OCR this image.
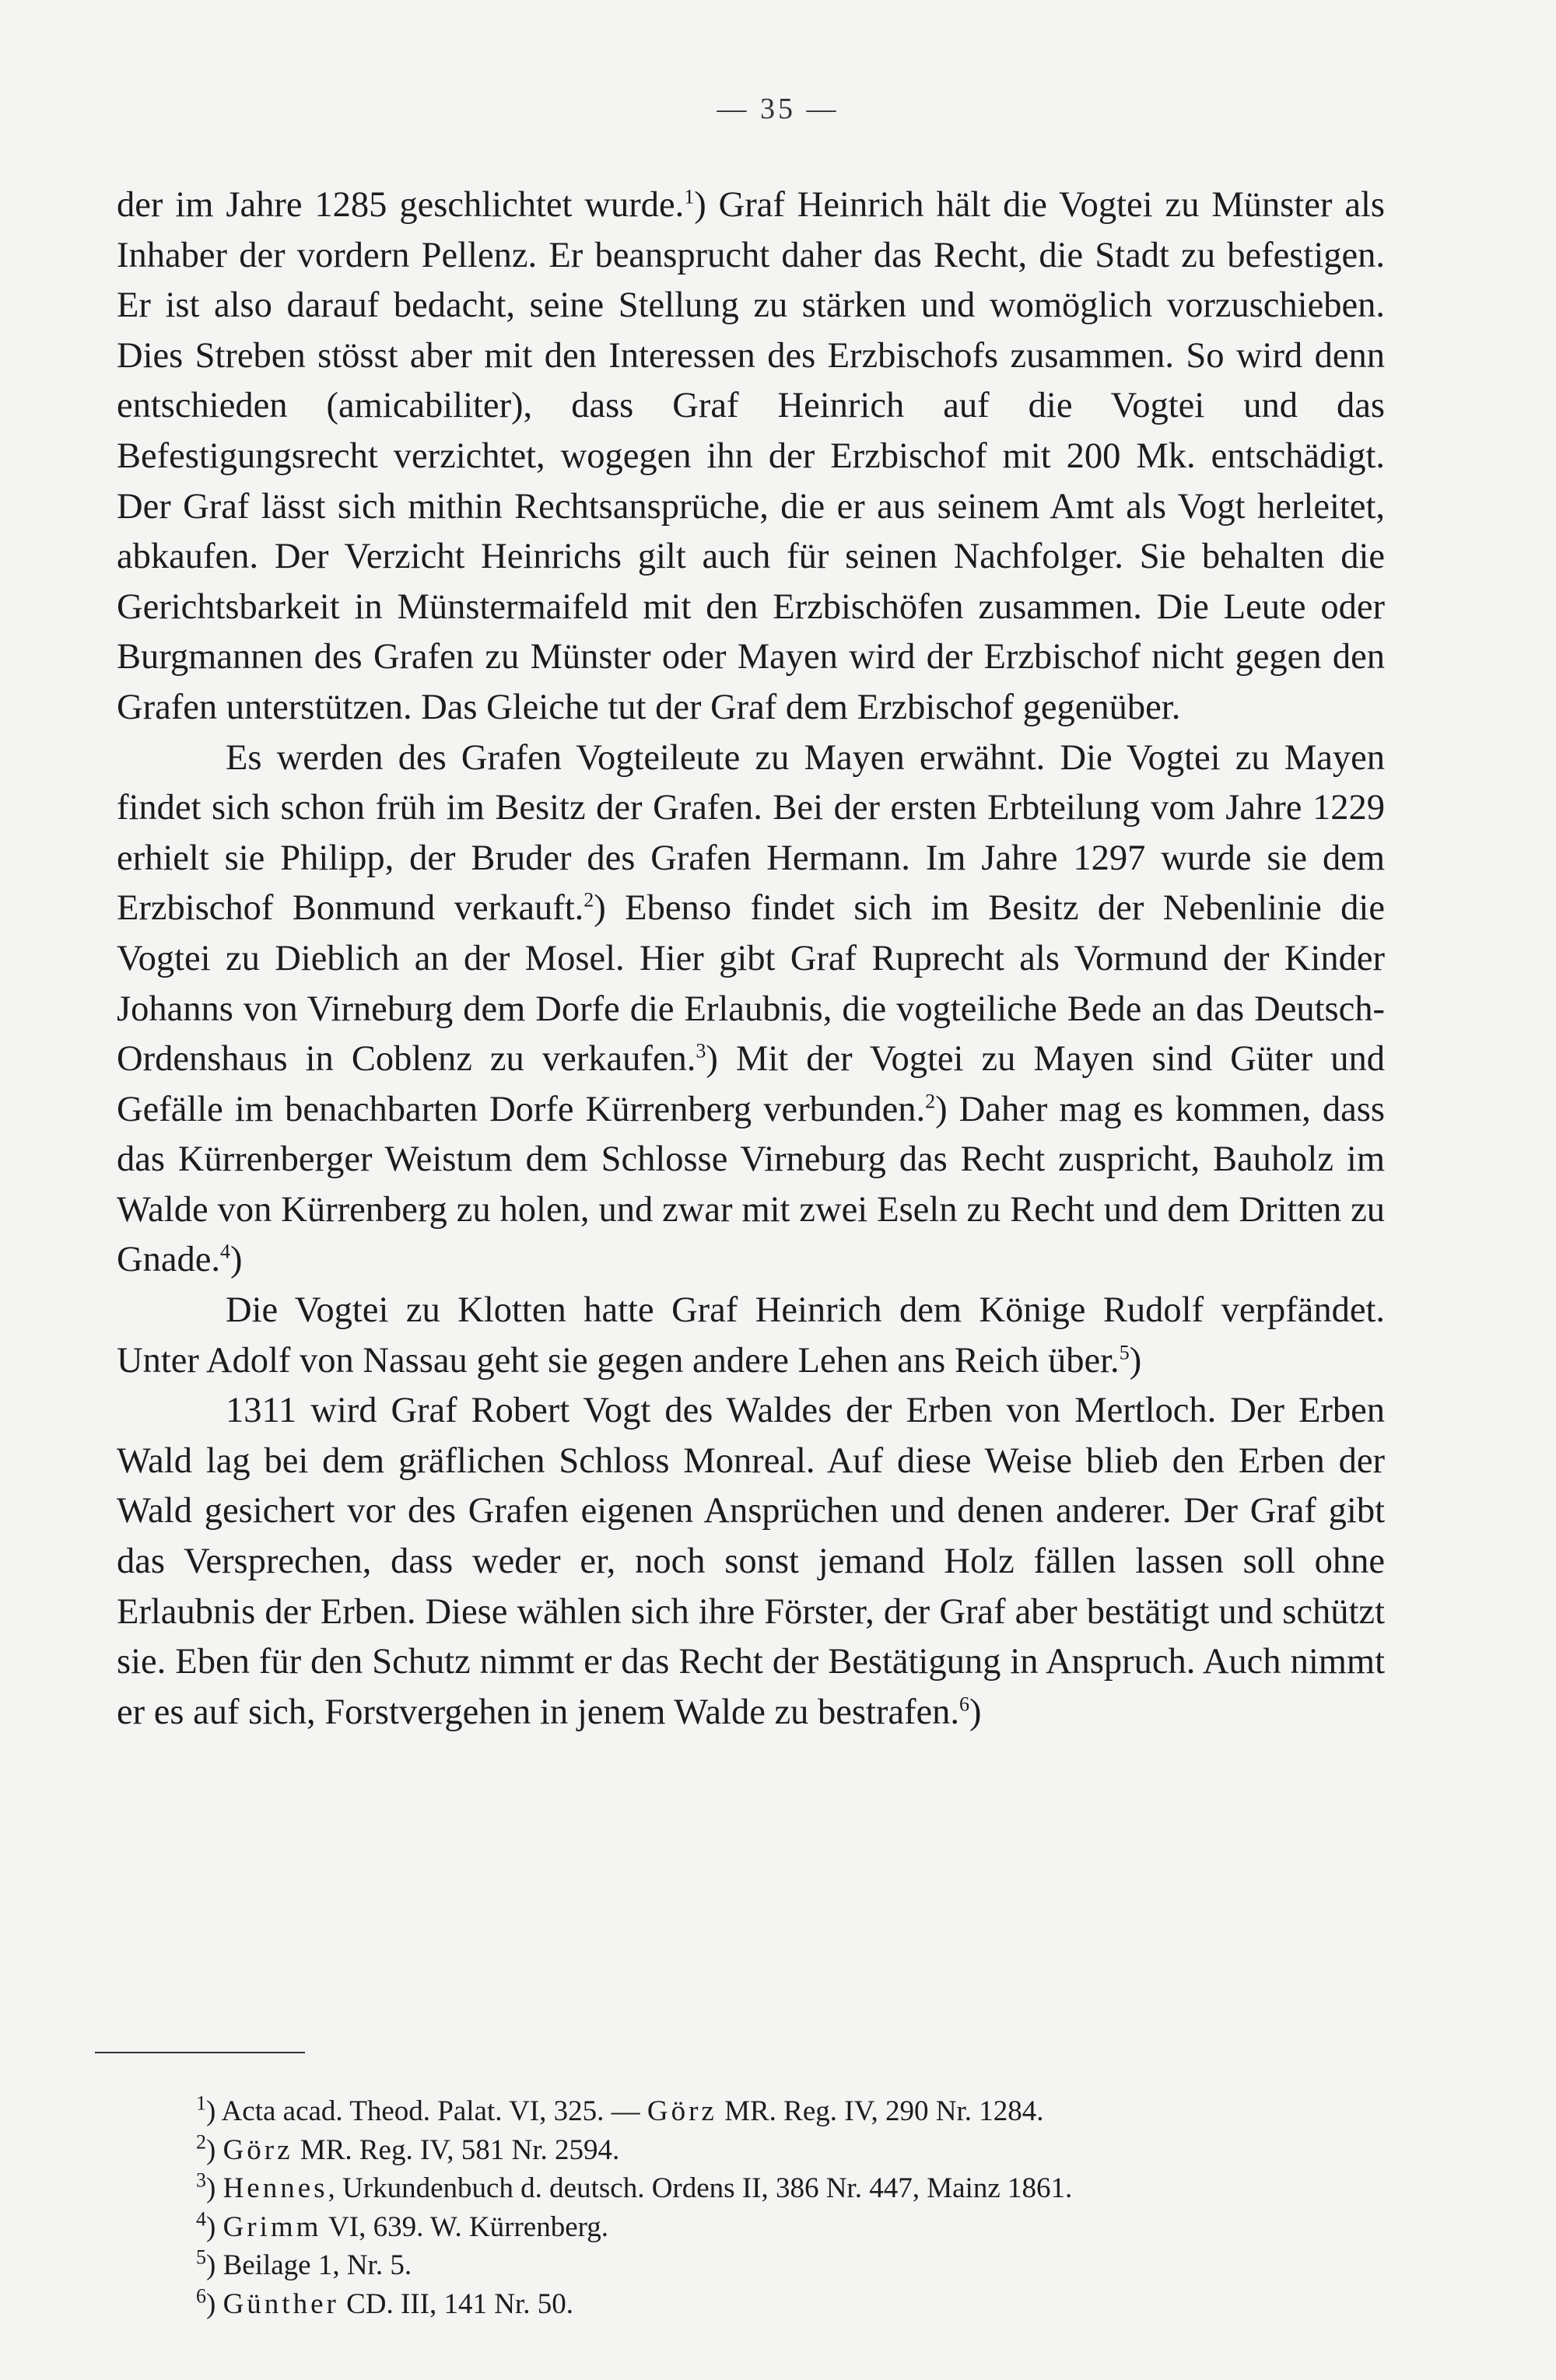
— 35 —

der im Jahre 1285 geschlichtet wurde.$^1$) Graf Heinrich hält die Vogtei zu Münster als Inhaber der vordern Pellenz. Er beansprucht daher das Recht, die Stadt zu befestigen. Er ist also darauf bedacht, seine Stellung zu stärken und womöglich vorzuschieben. Dies Streben stösst aber mit den Interessen des Erzbischofs zusammen. So wird denn entschieden (amicabiliter), dass Graf Heinrich auf die Vogtei und das Befestigungsrecht verzichtet, wogegen ihn der Erzbischof mit 200 Mk. entschädigt. Der Graf lässt sich mithin Rechtsansprüche, die er aus seinem Amt als Vogt herleitet, abkaufen. Der Verzicht Heinrichs gilt auch für seinen Nachfolger. Sie behalten die Gerichtsbarkeit in Münstermaifeld mit den Erzbischöfen zusammen. Die Leute oder Burgmannen des Grafen zu Münster oder Mayen wird der Erzbischof nicht gegen den Grafen unterstützen. Das Gleiche tut der Graf dem Erzbischof gegenüber.

Es werden des Grafen Vogteileute zu Mayen erwähnt. Die Vogtei zu Mayen findet sich schon früh im Besitz der Grafen. Bei der ersten Erbteilung vom Jahre 1229 erhielt sie Philipp, der Bruder des Grafen Hermann. Im Jahre 1297 wurde sie dem Erzbischof Bonmund verkauft.$^2$) Ebenso findet sich im Besitz der Nebenlinie die Vogtei zu Dieblich an der Mosel. Hier gibt Graf Ruprecht als Vormund der Kinder Johanns von Virneburg dem Dorfe die Erlaubnis, die vogteiliche Bede an das Deutsch-Ordenshaus in Coblenz zu verkaufen.$^3$) Mit der Vogtei zu Mayen sind Güter und Gefälle im benachbarten Dorfe Kürrenberg verbunden.$^2$) Daher mag es kommen, dass das Kürrenberger Weistum dem Schlosse Virneburg das Recht zuspricht, Bauholz im Walde von Kürrenberg zu holen, und zwar mit zwei Eseln zu Recht und dem Dritten zu Gnade.$^4$)

Die Vogtei zu Klotten hatte Graf Heinrich dem Könige Rudolf verpfändet. Unter Adolf von Nassau geht sie gegen andere Lehen ans Reich über.$^5$)

1311 wird Graf Robert Vogt des Waldes der Erben von Mertloch. Der Erben Wald lag bei dem gräflichen Schloss Monreal. Auf diese Weise blieb den Erben der Wald gesichert vor des Grafen eigenen Ansprüchen und denen anderer. Der Graf gibt das Versprechen, dass weder er, noch sonst jemand Holz fällen lassen soll ohne Erlaubnis der Erben. Diese wählen sich ihre Förster, der Graf aber bestätigt und schützt sie. Eben für den Schutz nimmt er das Recht der Bestätigung in Anspruch. Auch nimmt er es auf sich, Forstvergehen in jenem Walde zu bestrafen.$^6$)

$^1$) Acta acad. Theod. Palat. VI, 325. — Görz MR. Reg. IV, 290 Nr. 1284.
$^2$) Görz MR. Reg. IV, 581 Nr. 2594.
$^3$) Hennes, Urkundenbuch d. deutsch. Ordens II, 386 Nr. 447, Mainz 1861.
$^4$) Grimm VI, 639. W. Kürrenberg.
$^5$) Beilage 1, Nr. 5.
$^6$) Günther CD. III, 141 Nr. 50.
